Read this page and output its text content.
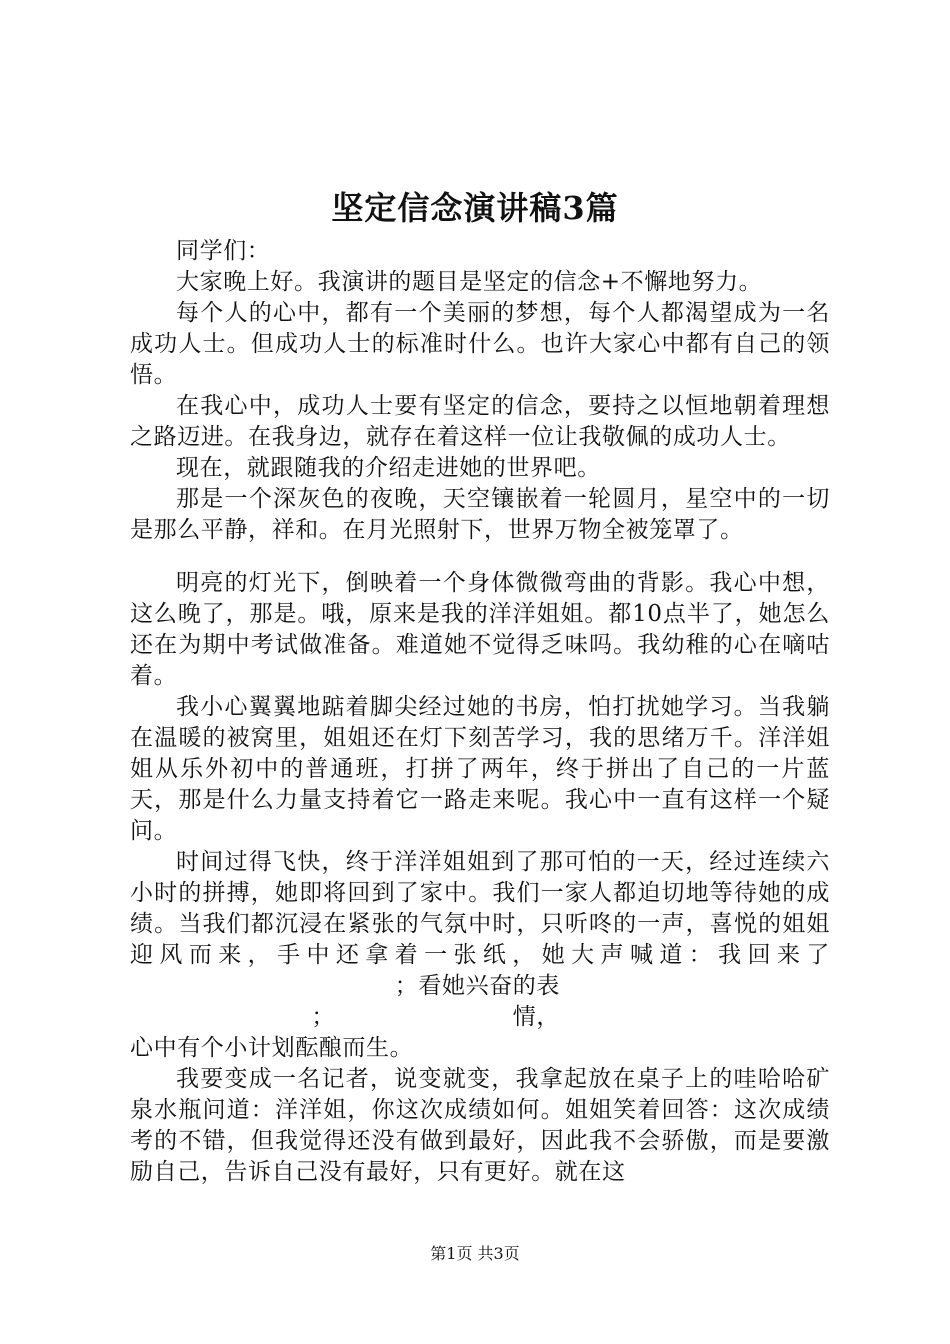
坚定信念演讲稿3篇

同学们：

大家晚上好。我演讲的题目是坚定的信念+不懈地努力。

每个人的心中，都有一个美丽的梦想，每个人都渴望成为一名成功人士。但成功人士的标准时什么。也许大家心中都有自己的领悟。

在我心中，成功人士要有坚定的信念，要持之以恒地朝着理想之路迈进。在我身边，就存在着这样一位让我敬佩的成功人士。

现在，就跟随我的介绍走进她的世界吧。

那是一个深灰色的夜晚，天空镶嵌着一轮圆月，星空中的一切是那么平静，祥和。在月光照射下，世界万物全被笼罩了。

明亮的灯光下，倒映着一个身体微微弯曲的背影。我心中想，这么晚了，那是。哦，原来是我的洋洋姐姐。都10点半了，她怎么还在为期中考试做准备。难道她不觉得乏味吗。我幼稚的心在嘀咕着。

我小心翼翼地踮着脚尖经过她的书房，怕打扰她学习。当我躺在温暖的被窝里，姐姐还在灯下刻苦学习，我的思绪万千。洋洋姐姐从乐外初中的普通班，打拼了两年，终于拼出了自己的一片蓝天，那是什么力量支持着它一路走来呢。我心中一直有这样一个疑问。

时间过得飞快，终于洋洋姐姐到了那可怕的一天，经过连续六小时的拼搏，她即将回到了家中。我们一家人都迫切地等待她的成绩。当我们都沉浸在紧张的气氛中时，只听咚的一声，喜悦的姐姐迎风而来，手中还拿着一张纸，她大声喊道：我回来了；；看她兴奋的表情，
心中有个小计划酝酿而生。

我要变成一名记者，说变就变，我拿起放在桌子上的哇哈哈矿泉水瓶问道：洋洋姐，你这次成绩如何。姐姐笑着回答：这次成绩考的不错，但我觉得还没有做到最好，因此我不会骄傲，而是要激励自己，告诉自己没有最好，只有更好。就在这

第1页 共3页
